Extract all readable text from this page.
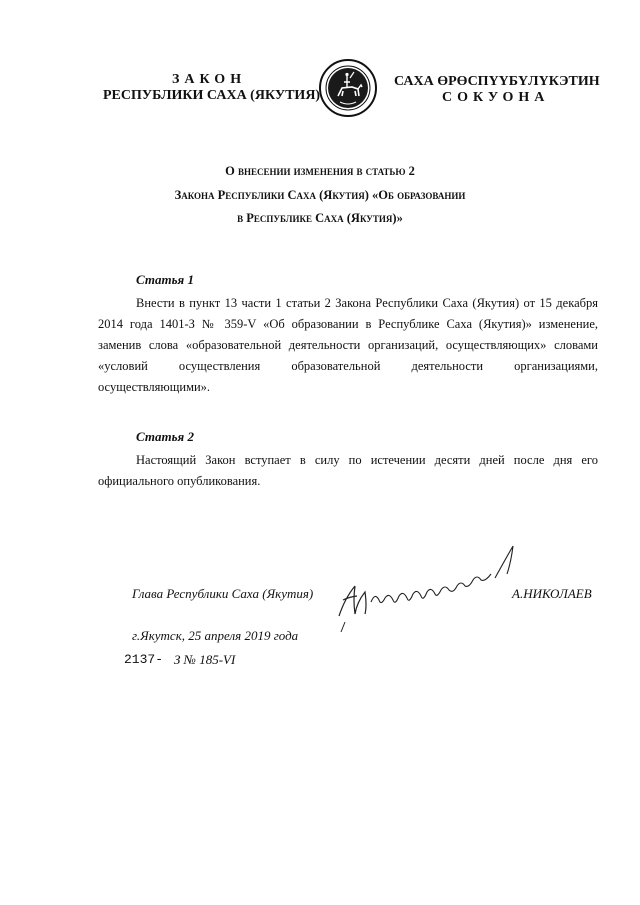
ЗАКОН
РЕСПУБЛИКИ САХА (ЯКУТИЯ)
САХА ӨРӨСПҮҮБҮЛҮКЭТИН
СОКУОНА
О внесении изменения в статью 2
Закона Республики Саха (Якутия) «Об образовании
в Республике Саха (Якутия)»
Статья 1
Внести в пункт 13 части 1 статьи 2 Закона Республики Саха (Якутия) от 15 декабря 2014 года 1401-З № 359-V «Об образовании в Республике Саха (Якутия)» изменение, заменив слова «образовательной деятельности организаций, осуществляющих» словами «условий осуществления образовательной деятельности организациями, осуществляющими».
Статья 2
Настоящий Закон вступает в силу по истечении десяти дней после дня его официального опубликования.
Глава Республики Саха (Якутия)	А.НИКОЛАЕВ
г.Якутск, 25 апреля 2019 года
2137- З № 185-VI
